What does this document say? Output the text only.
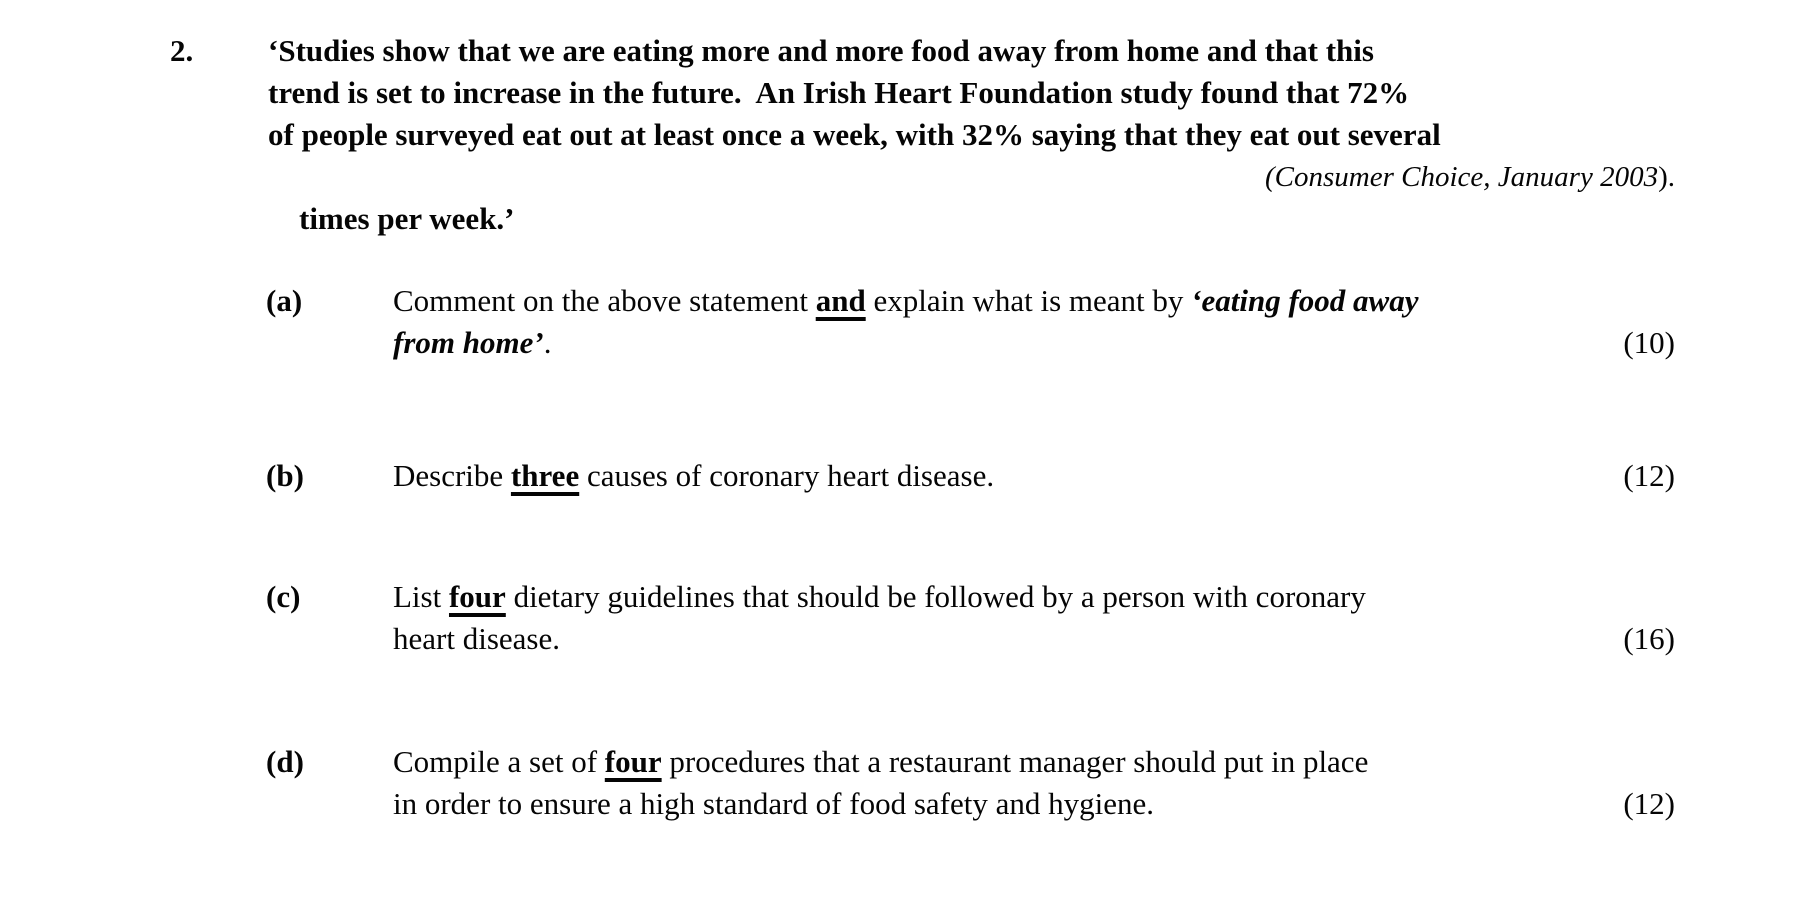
2. ‘Studies show that we are eating more and more food away from home and that this
trend is set to increase in the future.  An Irish Heart Foundation study found that 72%
of people surveyed eat out at least once a week, with 32% saying that they eat out several

times per week.’

(Consumer Choice, January 2003).

(a)	Comment on the above statement and explain what is meant by ‘eating food away
from home’.	(10)
(b)	Describe three causes of coronary heart disease.	(12)
(c)	List four dietary guidelines that should be followed by a person with coronary
heart disease.	(16)
(d)	Compile a set of four procedures that a restaurant manager should put in place
in order to ensure a high standard of food safety and hygiene.	(12)
